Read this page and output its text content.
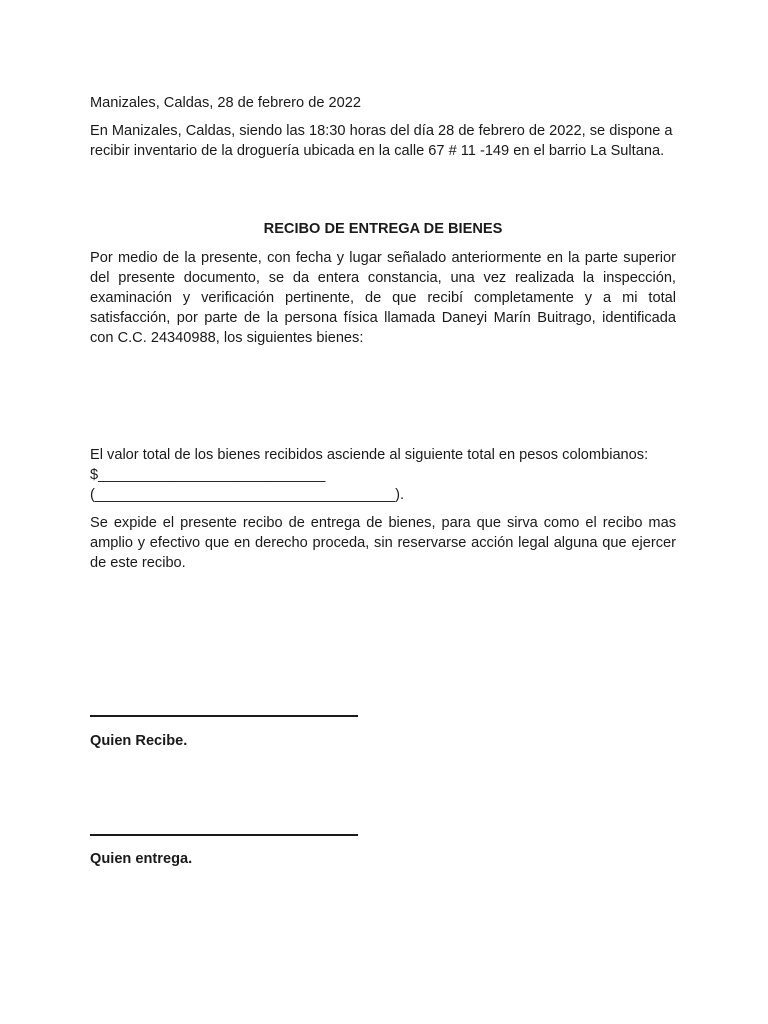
Manizales, Caldas, 28 de febrero de 2022

En Manizales, Caldas, siendo las 18:30 horas del día 28 de febrero de 2022, se dispone a recibir inventario de la droguería ubicada en la calle 67 # 11 -149 en el barrio La Sultana.

RECIBO DE ENTREGA DE BIENES

Por medio de la presente, con fecha y lugar señalado anteriormente en la parte superior del presente documento, se da entera constancia, una vez realizada la inspección, examinación y verificación pertinente, de que recibí completamente y a mi total satisfacción, por parte de la persona física llamada Daneyi Marín Buitrago, identificada con C.C. 24340988, los siguientes bienes:

El valor total de los bienes recibidos asciende al siguiente total en pesos colombianos:
$____________________________
(_____________________________________).

Se expide el presente recibo de entrega de bienes, para que sirva como el recibo mas amplio y efectivo que en derecho proceda, sin reservarse acción legal alguna que ejercer de este recibo.

Quien Recibe.
Quien entrega.
